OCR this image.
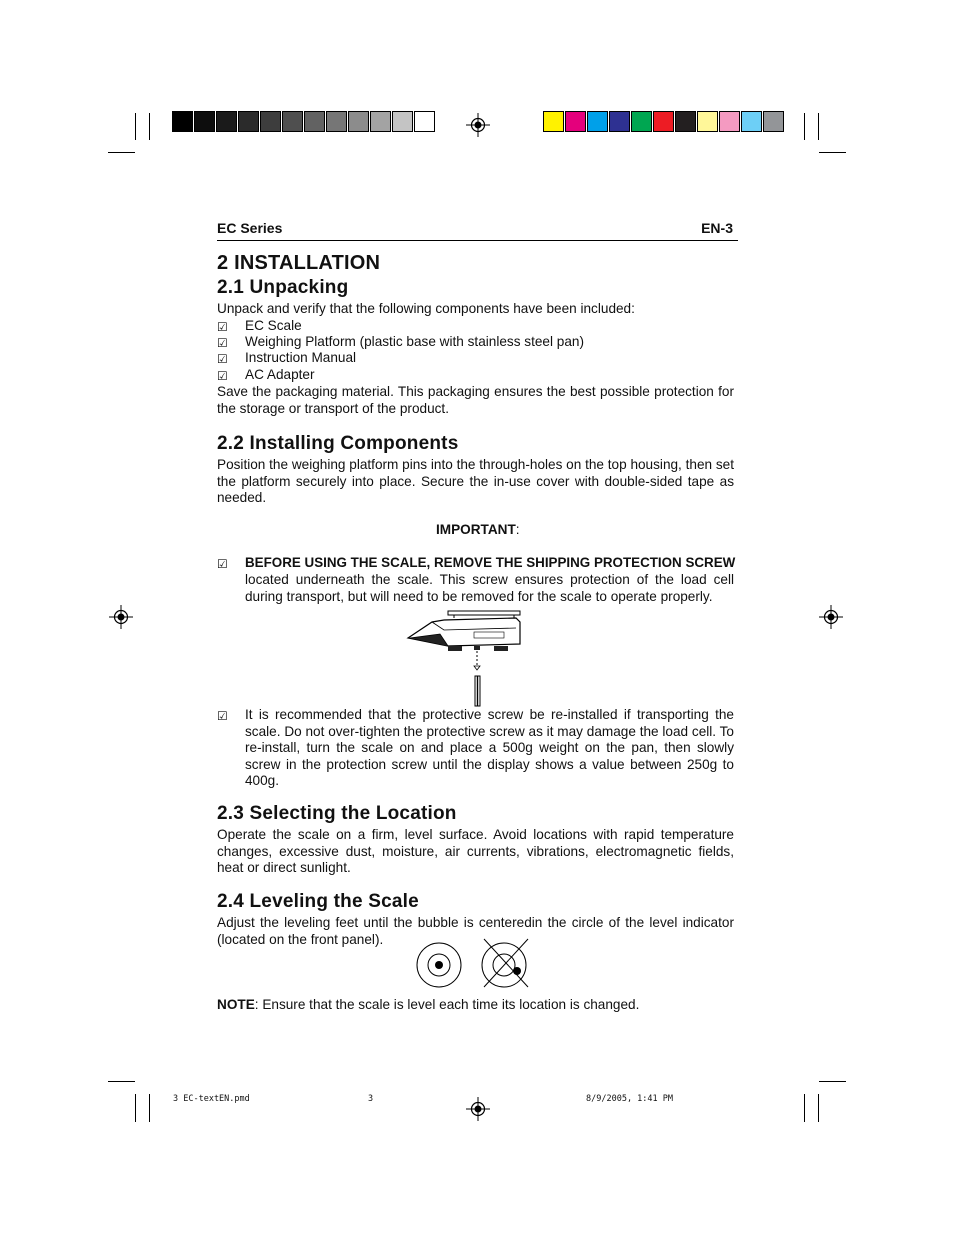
EC Series	EN-3
2 INSTALLATION
2.1 Unpacking
Unpack and verify that the following components have been included:
☑ EC Scale
☑ Weighing Platform (plastic base with stainless steel pan)
☑ Instruction Manual
☑ AC Adapter
Save the packaging material. This packaging ensures the best possible protection for the storage or transport of the product.
2.2 Installing Components
Position the weighing platform pins into the through-holes on the top housing, then set the platform securely into place. Secure the in-use cover with double-sided tape as needed.
IMPORTANT:
☑ BEFORE USING THE SCALE, REMOVE THE SHIPPING PROTECTION SCREW
located underneath the scale. This screw ensures protection of the load cell during transport, but will need to be removed for the scale to operate properly.
☑ It is recommended that the protective screw be re-installed if transporting the scale. Do not over-tighten the protective screw as it may damage the load cell. To re-install, turn the scale on and place a 500g weight on the pan, then slowly screw in the protection screw until the display shows a value between 250g to 400g.
2.3 Selecting the Location
Operate the scale on a firm, level surface. Avoid locations with rapid temperature changes, excessive dust, moisture, air currents, vibrations, electromagnetic fields, heat or direct sunlight.
2.4 Leveling the Scale
Adjust the leveling feet until the bubble is centeredin the circle of the level indicator (located on the front panel).
NOTE: Ensure that the scale is level each time its location is changed.
3 EC-textEN.pmd	3	8/9/2005, 1:41 PM
